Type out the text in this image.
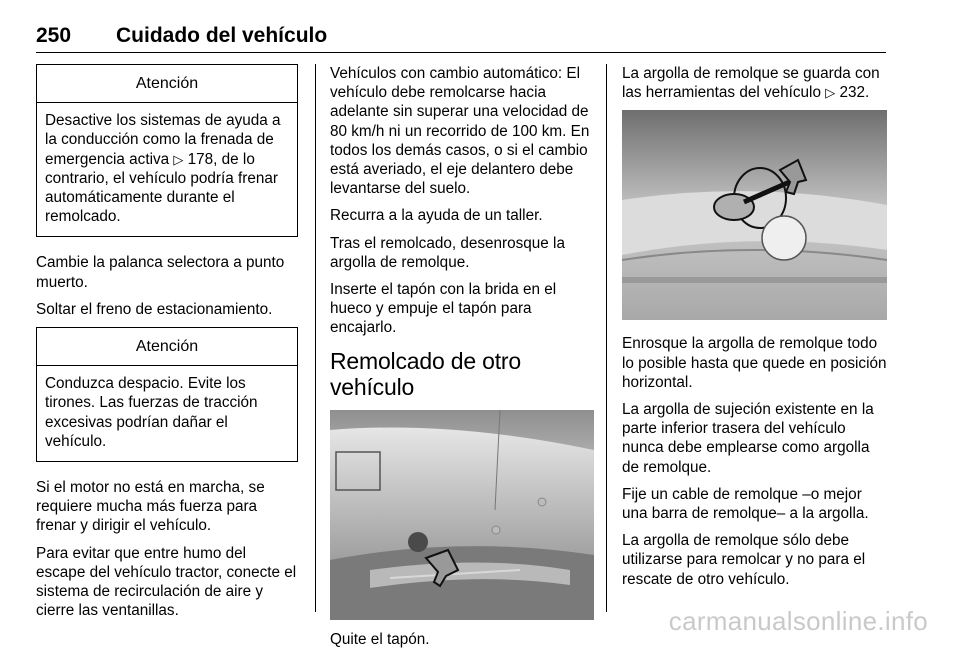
250 Cuidado del vehículo
Atención
Desactive los sistemas de ayuda a la conducción como la frenada de emergencia activa ▷ 178, de lo contrario, el vehículo podría frenar automáticamente durante el remolcado.

Cambie la palanca selectora a punto muerto.

Soltar el freno de estacionamiento.

Atención
Conduzca despacio. Evite los tirones. Las fuerzas de tracción excesivas podrían dañar el vehículo.

Si el motor no está en marcha, se requiere mucha más fuerza para frenar y dirigir el vehículo.

Para evitar que entre humo del escape del vehículo tractor, conecte el sistema de recirculación de aire y cierre las ventanillas.

Vehículos con cambio automático: El vehículo debe remolcarse hacia adelante sin superar una velocidad de 80 km/h ni un recorrido de 100 km. En todos los demás casos, o si el cambio está averiado, el eje delantero debe levantarse del suelo.

Recurra a la ayuda de un taller.

Tras el remolcado, desenrosque la argolla de remolque.

Inserte el tapón con la brida en el hueco y empuje el tapón para encajarlo.

Remolcado de otro vehículo

Quite el tapón.

La argolla de remolque se guarda con las herramientas del vehículo ▷ 232.

Enrosque la argolla de remolque todo lo posible hasta que quede en posición horizontal.

La argolla de sujeción existente en la parte inferior trasera del vehículo nunca debe emplearse como argolla de remolque.

Fije un cable de remolque –o mejor una barra de remolque– a la argolla.

La argolla de remolque sólo debe utilizarse para remolcar y no para el rescate de otro vehículo.

carmanualsonline.info
